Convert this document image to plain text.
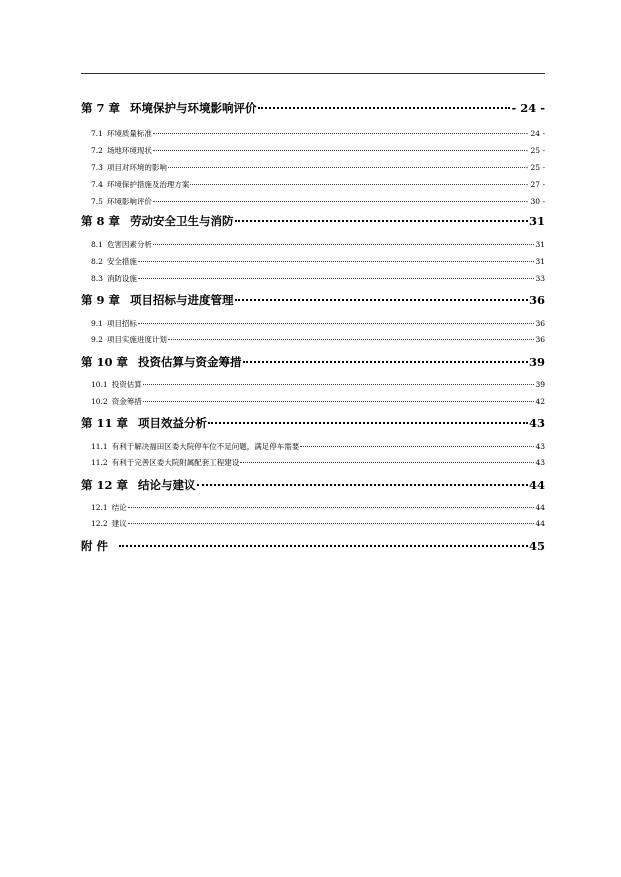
第 7 章 环境保护与环境影响评价	- 24 -
7.1 环境质量标准	- 24 -
7.2 场地环境现状	- 25 -
7.3 项目对环境的影响	- 25 -
7.4 环境保护措施及治理方案	- 27 -
7.5 环境影响评价	- 30 -
第 8 章 劳动安全卫生与消防	31
8.1 危害因素分析	31
8.2 安全措施	31
8.3 消防设施	33
第 9 章 项目招标与进度管理	36
9.1 项目招标	36
9.2 项目实施进度计划	36
第 10 章 投资估算与资金筹措	39
10.1 投资估算	39
10.2 资金筹措	42
第 11 章 项目效益分析	43
11.1 有利于解决福田区委大院停车位不足问题，满足停车需要	43
11.2 有利于完善区委大院附属配套工程建设	43
第 12 章 结论与建议	44
12.1 结论	44
12.2 建议	44
附 件	45
